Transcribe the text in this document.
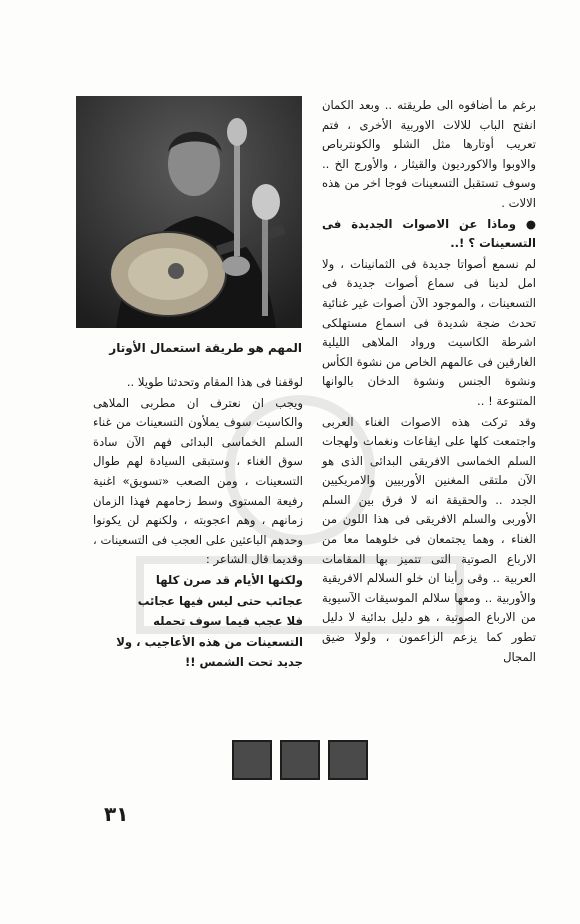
المهم هو طريقة استعمال الأوتار

برغم ما أضافوه الى طريقته .. وبعد الكمان انفتح الباب للالات الاوربية الأخرى ، فتم تعريب أوتارها مثل الشلو والكونترباص والاوبوا والاكورديون والقيثار ، والأورج الخ .. وسوف تستقبل التسعينات فوجا اخر من هذه الالات .

● وماذا عن الاصوات الجديدة فى التسعينات ؟ !..

لم نسمع أصواتا جديدة فى الثمانينات ، ولا امل لدينا فى سماع أصوات جديدة فى التسعينات ، والموجود الآن أصوات غير غنائية تحدث ضجة شديدة فى اسماع مستهلكى اشرطة الكاسيت ورواد الملاهى الليلية الغارقين فى عالمهم الخاص من نشوة الكأس ونشوة الجنس ونشوة الدخان بالوانها المتنوعة ! ..

وقد تركت هذه الاصوات الغناء العربى واجتمعت كلها على ايقاعات ونغمات ولهجات السلم الخماسى الافريقى البدائى الذى هو الآن ملتقى المغنين الأوربيين والامريكيين الجدد .. والحقيقة انه لا فرق بين السلم الأوربى والسلم الافريقى فى هذا اللون من الغناء ، وهما يجتمعان فى خلوهما معا من الارباع الصوتية التى تتميز بها المقامات العربية .. وقى رأينا ان خلو السلالم الافريقية والأوربية .. ومعها سلالم الموسيقات الآسيوية من الارباع الصوتية ، هو دليل بدائية لا دليل تطور كما يزعم الزاعمون ، ولولا ضيق المجال

لوقفنا فى هذا المقام وتحدثنا طويلا ..

ويجب ان نعترف ان مطربى الملاهى والكاسيت سوف يملأون التسعينات من غناء السلم الخماسى البدائى فهم الآن سادة سوق الغناء ، وستبقى السيادة لهم طوال التسعينات ، ومن الصعب «تسويق» اغنية رفيعة المستوى وسط زحامهم فهذا الزمان زمانهم ، وهم اعجوبته ، ولكنهم لن يكونوا وحدهم الباعثين على العجب فى التسعينات ، وقديما قال الشاعر :

ولكنها الأيام قد صرن كلها

عجائب حتى ليس فيها عجائب

فلا عجب فيما سوف تحمله

التسعينات من هذه الأعاجيب ، ولا

جديد تحت الشمس !!

٣١
